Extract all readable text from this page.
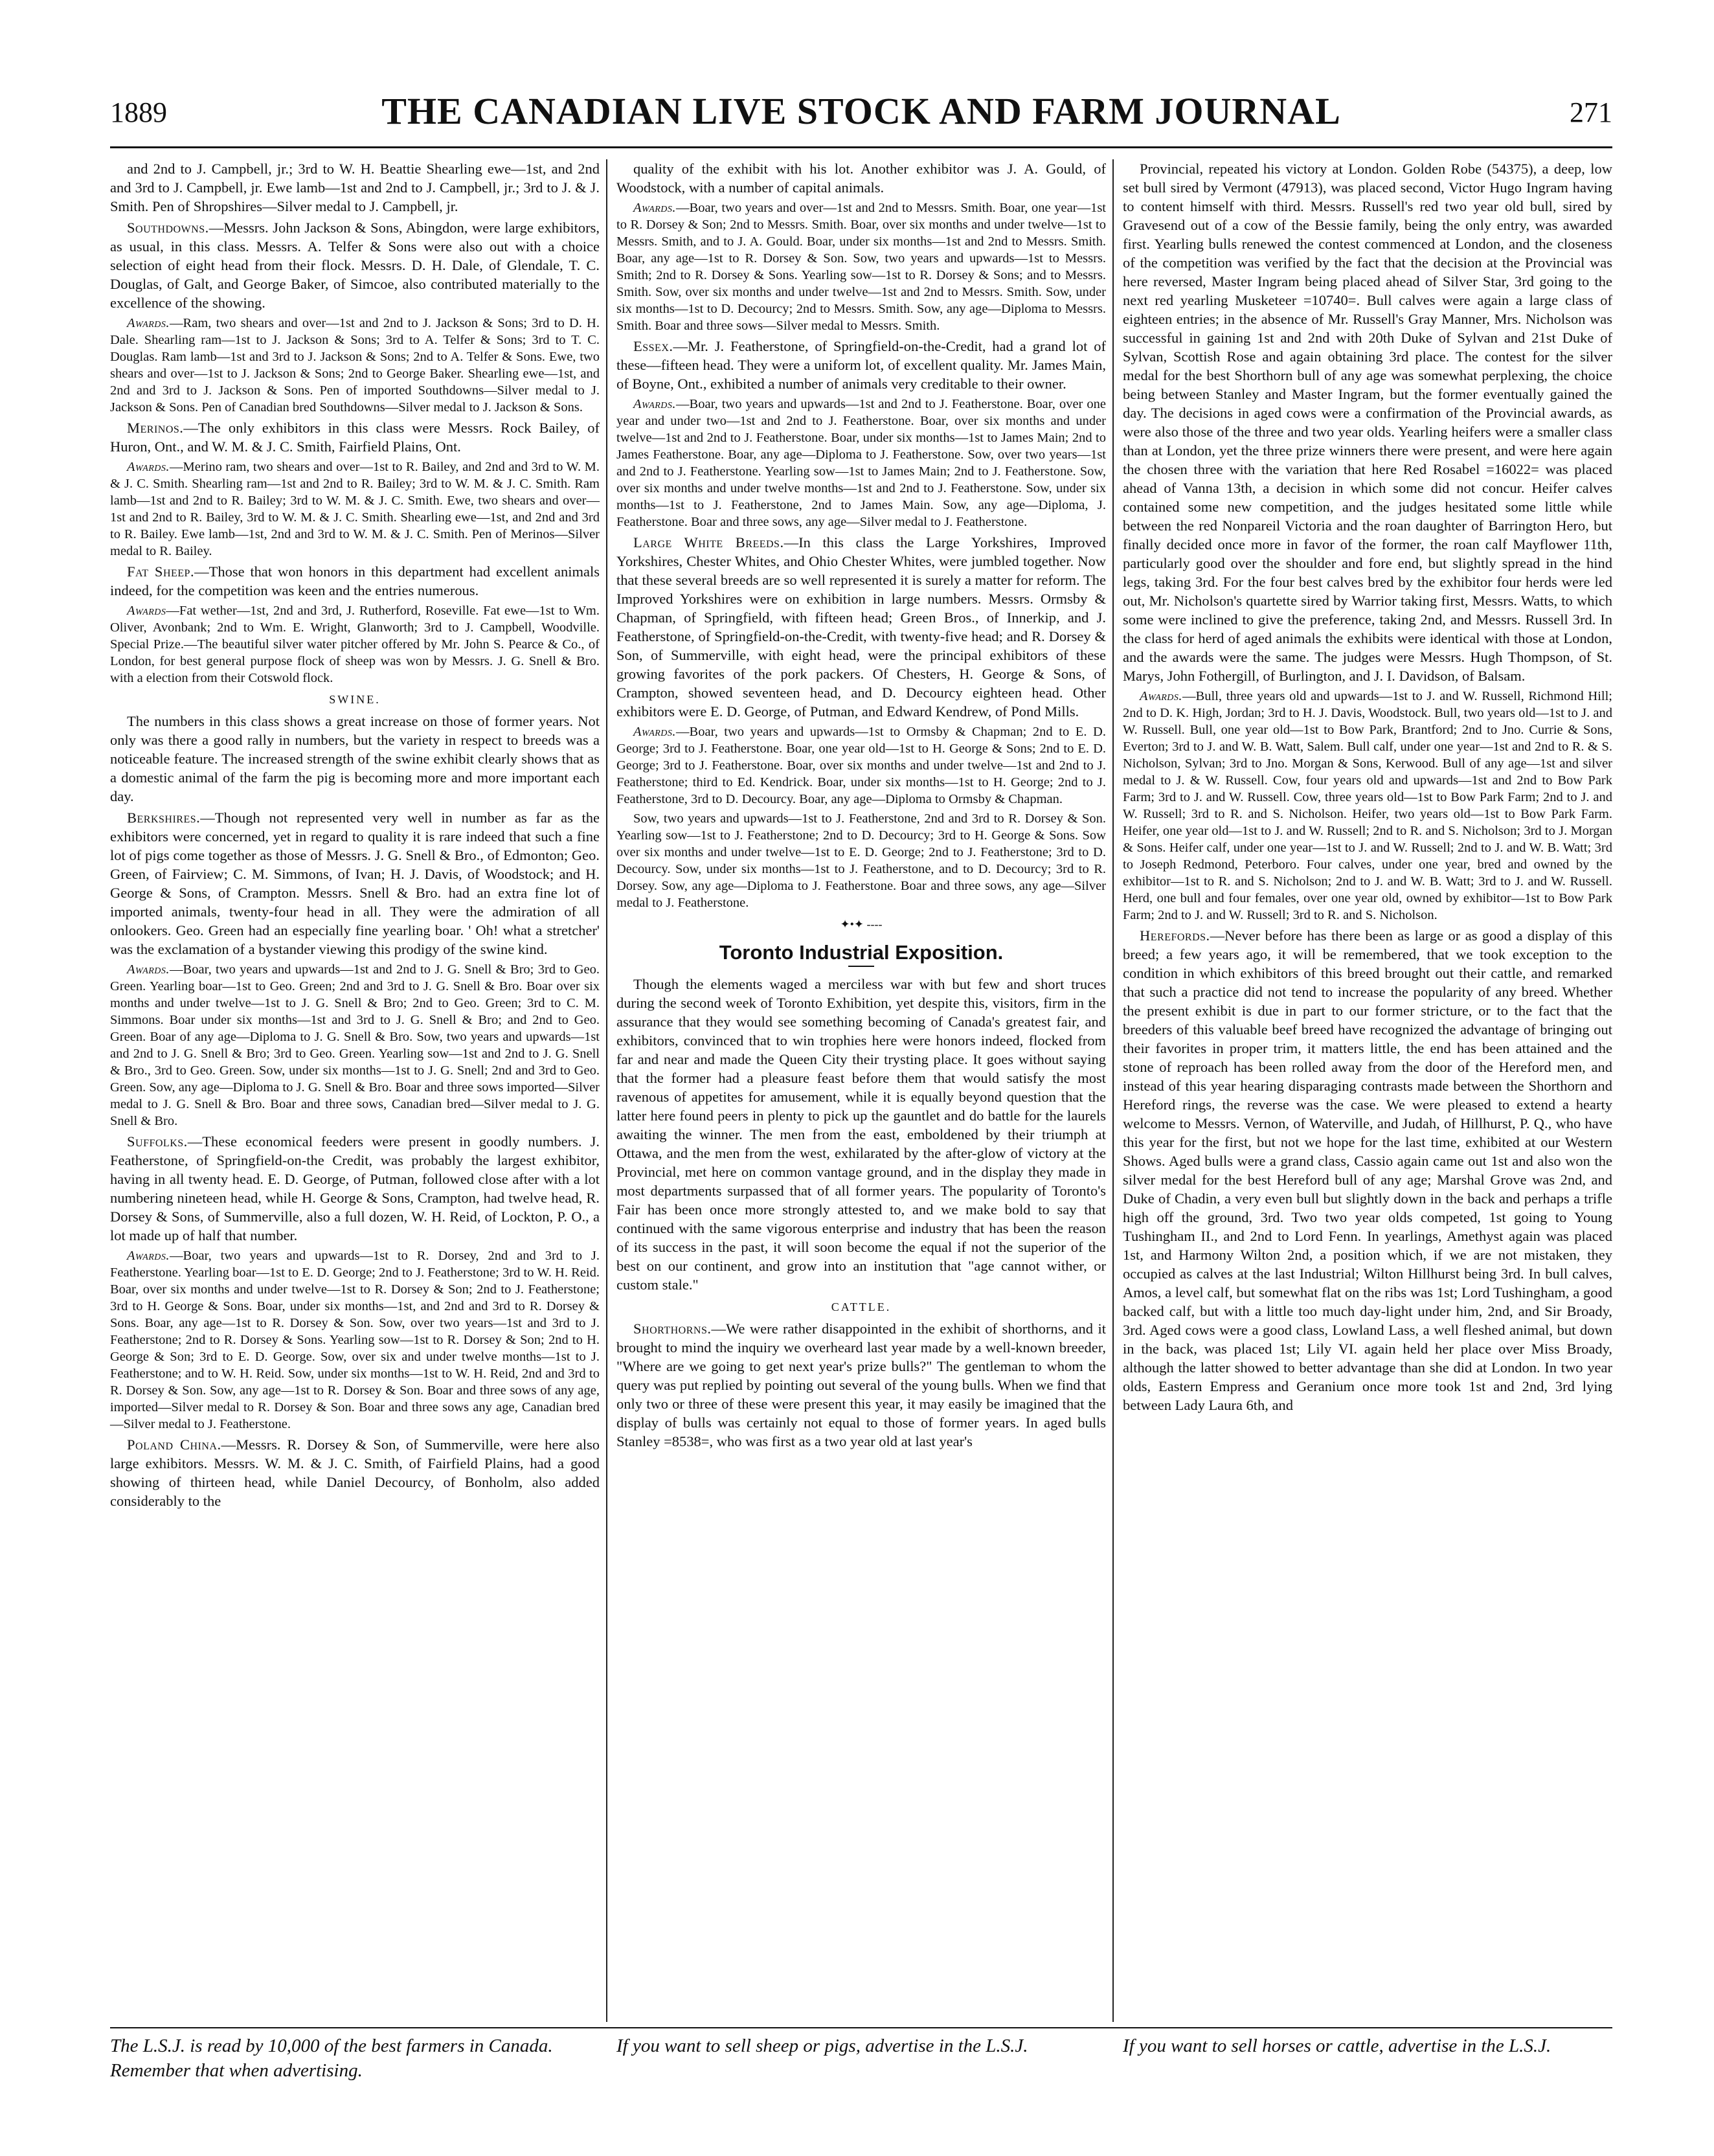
1889	THE CANADIAN LIVE STOCK AND FARM JOURNAL	271

and 2nd to J. Campbell, jr.; 3rd to W. H. Beattie Shearling ewe—1st, and 2nd and 3rd to J. Campbell, jr. Ewe lamb—1st and 2nd to J. Campbell, jr.; 3rd to J. & J. Smith. Pen of Shropshires—Silver medal to J. Campbell, jr.

Southdowns.—Messrs. John Jackson & Sons, Abingdon, were large exhibitors, as usual, in this class. Messrs. A. Telfer & Sons were also out with a choice selection of eight head from their flock. Messrs. D. H. Dale, of Glendale, T. C. Douglas, of Galt, and George Baker, of Simcoe, also contributed materially to the excellence of the showing.

Awards.—Ram, two shears and over—1st and 2nd to J. Jackson & Sons; 3rd to D. H. Dale. Shearling ram—1st to J. Jackson & Sons; 3rd to A. Telfer & Sons; 3rd to T. C. Douglas. Ram lamb—1st and 3rd to J. Jackson & Sons; 2nd to A. Telfer & Sons. Ewe, two shears and over—1st to J. Jackson & Sons; 2nd to George Baker. Shearling ewe—1st, and 2nd and 3rd to J. Jackson & Sons. Pen of imported Southdowns—Silver medal to J. Jackson & Sons. Pen of Canadian bred Southdowns—Silver medal to J. Jackson & Sons.

Merinos.—The only exhibitors in this class were Messrs. Rock Bailey, of Huron, Ont., and W. M. & J. C. Smith, Fairfield Plains, Ont.

Awards.—Merino ram, two shears and over—1st to R. Bailey, and 2nd and 3rd to W. M. & J. C. Smith. Shearling ram—1st and 2nd to R. Bailey; 3rd to W. M. & J. C. Smith. Ram lamb—1st and 2nd to R. Bailey; 3rd to W. M. & J. C. Smith. Ewe, two shears and over—1st and 2nd to R. Bailey, 3rd to W. M. & J. C. Smith. Shearling ewe—1st, and 2nd and 3rd to R. Bailey. Ewe lamb—1st, 2nd and 3rd to W. M. & J. C. Smith. Pen of Merinos—Silver medal to R. Bailey.

Fat Sheep.—Those that won honors in this department had excellent animals indeed, for the competition was keen and the entries numerous.

Awards—Fat wether—1st, 2nd and 3rd, J. Rutherford, Roseville. Fat ewe—1st to Wm. Oliver, Avonbank; 2nd to Wm. E. Wright, Glanworth; 3rd to J. Campbell, Woodville. Special Prize.—The beautiful silver water pitcher offered by Mr. John S. Pearce & Co., of London, for best general purpose flock of sheep was won by Messrs. J. G. Snell & Bro. with a election from their Cotswold flock.

SWINE.

The numbers in this class shows a great increase on those of former years. Not only was there a good rally in numbers, but the variety in respect to breeds was a noticeable feature. The increased strength of the swine exhibit clearly shows that as a domestic animal of the farm the pig is becoming more and more important each day.

Berkshires.—Though not represented very well in number as far as the exhibitors were concerned, yet in regard to quality it is rare indeed that such a fine lot of pigs come together as those of Messrs. J. G. Snell & Bro., of Edmonton; Geo. Green, of Fairview; C. M. Simmons, of Ivan; H. J. Davis, of Woodstock; and H. George & Sons, of Crampton. Messrs. Snell & Bro. had an extra fine lot of imported animals, twenty-four head in all. They were the admiration of all onlookers. Geo. Green had an especially fine yearling boar. ' Oh! what a stretcher' was the exclamation of a bystander viewing this prodigy of the swine kind.

Awards.—Boar, two years and upwards—1st and 2nd to J. G. Snell & Bro; 3rd to Geo. Green. Yearling boar—1st to Geo. Green; 2nd and 3rd to J. G. Snell & Bro. Boar over six months and under twelve—1st to J. G. Snell & Bro; 2nd to Geo. Green; 3rd to C. M. Simmons. Boar under six months—1st and 3rd to J. G. Snell & Bro; and 2nd to Geo. Green. Boar of any age—Diploma to J. G. Snell & Bro. Sow, two years and upwards—1st and 2nd to J. G. Snell & Bro; 3rd to Geo. Green. Yearling sow—1st and 2nd to J. G. Snell & Bro., 3rd to Geo. Green. Sow, under six months—1st to J. G. Snell; 2nd and 3rd to Geo. Green. Sow, any age—Diploma to J. G. Snell & Bro. Boar and three sows imported—Silver medal to J. G. Snell & Bro. Boar and three sows, Canadian bred—Silver medal to J. G. Snell & Bro.

Suffolks.—These economical feeders were present in goodly numbers. J. Featherstone, of Springfield-on-the Credit, was probably the largest exhibitor, having in all twenty head. E. D. George, of Putman, followed close after with a lot numbering nineteen head, while H. George & Sons, Crampton, had twelve head, R. Dorsey & Sons, of Summerville, also a full dozen, W. H. Reid, of Lockton, P. O., a lot made up of half that number.

Awards.—Boar, two years and upwards—1st to R. Dorsey, 2nd and 3rd to J. Featherstone. Yearling boar—1st to E. D. George; 2nd to J. Featherstone; 3rd to W. H. Reid. Boar, over six months and under twelve—1st to R. Dorsey & Son; 2nd to J. Featherstone; 3rd to H. George & Sons. Boar, under six months—1st, and 2nd and 3rd to R. Dorsey & Sons. Boar, any age—1st to R. Dorsey & Son. Sow, over two years—1st and 3rd to J. Featherstone; 2nd to R. Dorsey & Sons. Yearling sow—1st to R. Dorsey & Son; 2nd to H. George & Son; 3rd to E. D. George. Sow, over six and under twelve months—1st to J. Featherstone; and to W. H. Reid. Sow, under six months—1st to W. H. Reid, 2nd and 3rd to R. Dorsey & Son. Sow, any age—1st to R. Dorsey & Son. Boar and three sows of any age, imported—Silver medal to R. Dorsey & Son. Boar and three sows any age, Canadian bred—Silver medal to J. Featherstone.

Poland China.—Messrs. R. Dorsey & Son, of Summerville, were here also large exhibitors. Messrs. W. M. & J. C. Smith, of Fairfield Plains, had a good showing of thirteen head, while Daniel Decourcy, of Bonholm, also added considerably to the

quality of the exhibit with his lot. Another exhibitor was J. A. Gould, of Woodstock, with a number of capital animals.

Awards.—Boar, two years and over—1st and 2nd to Messrs. Smith. Boar, one year—1st to R. Dorsey & Son; 2nd to Messrs. Smith. Boar, over six months and under twelve—1st to Messrs. Smith, and to J. A. Gould. Boar, under six months—1st and 2nd to Messrs. Smith. Boar, any age—1st to R. Dorsey & Son. Sow, two years and upwards—1st to Messrs. Smith; 2nd to R. Dorsey & Sons. Yearling sow—1st to R. Dorsey & Sons; and to Messrs. Smith. Sow, over six months and under twelve—1st and 2nd to Messrs. Smith. Sow, under six months—1st to D. Decourcy; 2nd to Messrs. Smith. Sow, any age—Diploma to Messrs. Smith. Boar and three sows—Silver medal to Messrs. Smith.

Essex.—Mr. J. Featherstone, of Springfield-on-the-Credit, had a grand lot of these—fifteen head. They were a uniform lot, of excellent quality. Mr. James Main, of Boyne, Ont., exhibited a number of animals very creditable to their owner.

Awards.—Boar, two years and upwards—1st and 2nd to J. Featherstone. Boar, over one year and under two—1st and 2nd to J. Featherstone. Boar, over six months and under twelve—1st and 2nd to J. Featherstone. Boar, under six months—1st to James Main; 2nd to James Featherstone. Boar, any age—Diploma to J. Featherstone. Sow, over two years—1st and 2nd to J. Featherstone. Yearling sow—1st to James Main; 2nd to J. Featherstone. Sow, over six months and under twelve months—1st and 2nd to J. Featherstone. Sow, under six months—1st to J. Featherstone, 2nd to James Main. Sow, any age—Diploma, J. Featherstone. Boar and three sows, any age—Silver medal to J. Featherstone.

Large White Breeds.—In this class the Large Yorkshires, Improved Yorkshires, Chester Whites, and Ohio Chester Whites, were jumbled together. Now that these several breeds are so well represented it is surely a matter for reform. The Improved Yorkshires were on exhibition in large numbers. Messrs. Ormsby & Chapman, of Springfield, with fifteen head; Green Bros., of Innerkip, and J. Featherstone, of Springfield-on-the-Credit, with twenty-five head; and R. Dorsey & Son, of Summerville, with eight head, were the principal exhibitors of these growing favorites of the pork packers. Of Chesters, H. George & Sons, of Crampton, showed seventeen head, and D. Decourcy eighteen head. Other exhibitors were E. D. George, of Putman, and Edward Kendrew, of Pond Mills.

Awards.—Boar, two years and upwards—1st to Ormsby & Chapman; 2nd to E. D. George; 3rd to J. Featherstone. Boar, one year old—1st to H. George & Sons; 2nd to E. D. George; 3rd to J. Featherstone. Boar, over six months and under twelve—1st and 2nd to J. Featherstone; third to Ed. Kendrick. Boar, under six months—1st to H. George; 2nd to J. Featherstone, 3rd to D. Decourcy. Boar, any age—Diploma to Ormsby & Chapman.

Sow, two years and upwards—1st to J. Featherstone, 2nd and 3rd to R. Dorsey & Son. Yearling sow—1st to J. Featherstone; 2nd to D. Decourcy; 3rd to H. George & Sons. Sow over six months and under twelve—1st to E. D. George; 2nd to J. Featherstone; 3rd to D. Decourcy. Sow, under six months—1st to J. Featherstone, and to D. Decourcy; 3rd to R. Dorsey. Sow, any age—Diploma to J. Featherstone. Boar and three sows, any age—Silver medal to J. Featherstone.

✦•✦ ----
Toronto Industrial Exposition.

Though the elements waged a merciless war with but few and short truces during the second week of Toronto Exhibition, yet despite this, visitors, firm in the assurance that they would see something becoming of Canada's greatest fair, and exhibitors, convinced that to win trophies here were honors indeed, flocked from far and near and made the Queen City their trysting place. It goes without saying that the former had a pleasure feast before them that would satisfy the most ravenous of appetites for amusement, while it is equally beyond question that the latter here found peers in plenty to pick up the gauntlet and do battle for the laurels awaiting the winner. The men from the east, emboldened by their triumph at Ottawa, and the men from the west, exhilarated by the after-glow of victory at the Provincial, met here on common vantage ground, and in the display they made in most departments surpassed that of all former years. The popularity of Toronto's Fair has been once more strongly attested to, and we make bold to say that continued with the same vigorous enterprise and industry that has been the reason of its success in the past, it will soon become the equal if not the superior of the best on our continent, and grow into an institution that "age cannot wither, or custom stale."

CATTLE.

Shorthorns.—We were rather disappointed in the exhibit of shorthorns, and it brought to mind the inquiry we overheard last year made by a well-known breeder, "Where are we going to get next year's prize bulls?" The gentleman to whom the query was put replied by pointing out several of the young bulls. When we find that only two or three of these were present this year, it may easily be imagined that the display of bulls was certainly not equal to those of former years. In aged bulls Stanley =8538=, who was first as a two year old at last year's

Provincial, repeated his victory at London. Golden Robe (54375), a deep, low set bull sired by Vermont (47913), was placed second, Victor Hugo Ingram having to content himself with third. Messrs. Russell's red two year old bull, sired by Gravesend out of a cow of the Bessie family, being the only entry, was awarded first. Yearling bulls renewed the contest commenced at London, and the closeness of the competition was verified by the fact that the decision at the Provincial was here reversed, Master Ingram being placed ahead of Silver Star, 3rd going to the next red yearling Musketeer =10740=. Bull calves were again a large class of eighteen entries; in the absence of Mr. Russell's Gray Manner, Mrs. Nicholson was successful in gaining 1st and 2nd with 20th Duke of Sylvan and 21st Duke of Sylvan, Scottish Rose and again obtaining 3rd place. The contest for the silver medal for the best Shorthorn bull of any age was somewhat perplexing, the choice being between Stanley and Master Ingram, but the former eventually gained the day. The decisions in aged cows were a confirmation of the Provincial awards, as were also those of the three and two year olds. Yearling heifers were a smaller class than at London, yet the three prize winners there were present, and were here again the chosen three with the variation that here Red Rosabel =16022= was placed ahead of Vanna 13th, a decision in which some did not concur. Heifer calves contained some new competition, and the judges hesitated some little while between the red Nonpareil Victoria and the roan daughter of Barrington Hero, but finally decided once more in favor of the former, the roan calf Mayflower 11th, particularly good over the shoulder and fore end, but slightly spread in the hind legs, taking 3rd. For the four best calves bred by the exhibitor four herds were led out, Mr. Nicholson's quartette sired by Warrior taking first, Messrs. Watts, to which some were inclined to give the preference, taking 2nd, and Messrs. Russell 3rd. In the class for herd of aged animals the exhibits were identical with those at London, and the awards were the same. The judges were Messrs. Hugh Thompson, of St. Marys, John Fothergill, of Burlington, and J. I. Davidson, of Balsam.

Awards.—Bull, three years old and upwards—1st to J. and W. Russell, Richmond Hill; 2nd to D. K. High, Jordan; 3rd to H. J. Davis, Woodstock. Bull, two years old—1st to J. and W. Russell. Bull, one year old—1st to Bow Park, Brantford; 2nd to Jno. Currie & Sons, Everton; 3rd to J. and W. B. Watt, Salem. Bull calf, under one year—1st and 2nd to R. & S. Nicholson, Sylvan; 3rd to Jno. Morgan & Sons, Kerwood. Bull of any age—1st and silver medal to J. & W. Russell. Cow, four years old and upwards—1st and 2nd to Bow Park Farm; 3rd to J. and W. Russell. Cow, three years old—1st to Bow Park Farm; 2nd to J. and W. Russell; 3rd to R. and S. Nicholson. Heifer, two years old—1st to Bow Park Farm. Heifer, one year old—1st to J. and W. Russell; 2nd to R. and S. Nicholson; 3rd to J. Morgan & Sons. Heifer calf, under one year—1st to J. and W. Russell; 2nd to J. and W. B. Watt; 3rd to Joseph Redmond, Peterboro. Four calves, under one year, bred and owned by the exhibitor—1st to R. and S. Nicholson; 2nd to J. and W. B. Watt; 3rd to J. and W. Russell. Herd, one bull and four females, over one year old, owned by exhibitor—1st to Bow Park Farm; 2nd to J. and W. Russell; 3rd to R. and S. Nicholson.

Herefords.—Never before has there been as large or as good a display of this breed; a few years ago, it will be remembered, that we took exception to the condition in which exhibitors of this breed brought out their cattle, and remarked that such a practice did not tend to increase the popularity of any breed. Whether the present exhibit is due in part to our former stricture, or to the fact that the breeders of this valuable beef breed have recognized the advantage of bringing out their favorites in proper trim, it matters little, the end has been attained and the stone of reproach has been rolled away from the door of the Hereford men, and instead of this year hearing disparaging contrasts made between the Shorthorn and Hereford rings, the reverse was the case. We were pleased to extend a hearty welcome to Messrs. Vernon, of Waterville, and Judah, of Hillhurst, P. Q., who have this year for the first, but not we hope for the last time, exhibited at our Western Shows. Aged bulls were a grand class, Cassio again came out 1st and also won the silver medal for the best Hereford bull of any age; Marshal Grove was 2nd, and Duke of Chadin, a very even bull but slightly down in the back and perhaps a trifle high off the ground, 3rd. Two two year olds competed, 1st going to Young Tushingham II., and 2nd to Lord Fenn. In yearlings, Amethyst again was placed 1st, and Harmony Wilton 2nd, a position which, if we are not mistaken, they occupied as calves at the last Industrial; Wilton Hillhurst being 3rd. In bull calves, Amos, a level calf, but somewhat flat on the ribs was 1st; Lord Tushingham, a good backed calf, but with a little too much day-light under him, 2nd, and Sir Broady, 3rd. Aged cows were a good class, Lowland Lass, a well fleshed animal, but down in the back, was placed 1st; Lily VI. again held her place over Miss Broady, although the latter showed to better advantage than she did at London. In two year olds, Eastern Empress and Geranium once more took 1st and 2nd, 3rd lying between Lady Laura 6th, and

The L.S.J. is read by 10,000 of the best farmers in Canada. Remember that when advertising.
If you want to sell sheep or pigs, advertise in the L.S.J.	If you want to sell horses or cattle, advertise in the L.S.J.
